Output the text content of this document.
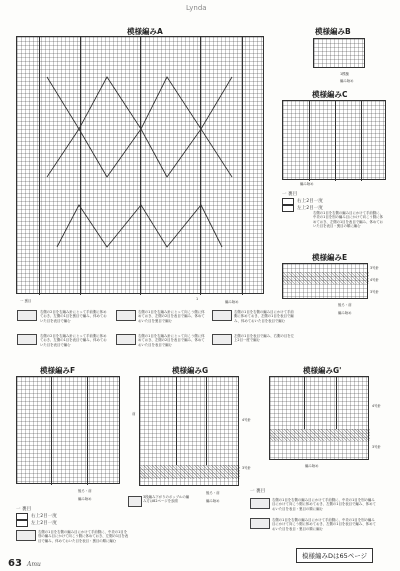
Lynda
模様編みA
1
編み始め
一 裏目
右側の2目を右編み針にとって手前側に休めておき、左側の1目を裏目で編み、休めておいた目を表目で編む
右側の2目を右編み針にとって手前側に休めておき、左側の1目を表目で編み、休めておいた目を表目で編む
右側の1目を右編み針にとって向こう側に休めておき、左側の2目を表目で編み、休めておいた目を裏目で編む
右側の1目を右編み針にとって向こう側に休めておき、左側の2目を表目で編み、休めておいた目を表目で編む
右側の1目を右側の編み目にかけて手前側に休めておき、左側の1目を表目で編み、休めておいた目を表目で編む
左側の1目を表目で編み、右側の目を左上2目一度で編む
模様編みB
1模様
編み始め
模様編みC
編み始め
一 裏目
右上2目一度
左上2目一度
右側の1目を右側の編み目にかけて手前側に、中央の1目を別の編み目にかけて向こう側に休めておき、左側の1目を表目で編み、休めておいた目を表目・裏目の順に編む
模様編みE
3号針
4号針
3号針
後ろ・前
編み始め
模様編みF
後ろ・前
編み始め
一 裏目
右上2目一度
左上2目一度
右側の1目を右側の編み目にかけて手前側に、中央の1目を別の編み目にかけて向こう側に休めておき、左側の1目を表目で編み、休めておいた目を表目・裏目の順に編む
模様編みG
前
4号針
3号針
後ろ・前
編み始め
3段編み下がりのボッブルの編み方は82ページを参照
模様編みG'
4号針
3号針
編み始め
一 裏目
右側の1目を右側の編み目にかけて手前側に、中央の1目を別の編み目にかけて向こう側に休めておき、左側の1目を表目で編み、休めておいた目を表目・裏目の順に編む
右側の1目を右側の編み目にかけて手前側に、中央の1目を別の編み目にかけて向こう側に休めておき、左側の1目を表目で編み、休めておいた目を表目・裏目の順に編む
63 Amu
模様編みDは65ページ
